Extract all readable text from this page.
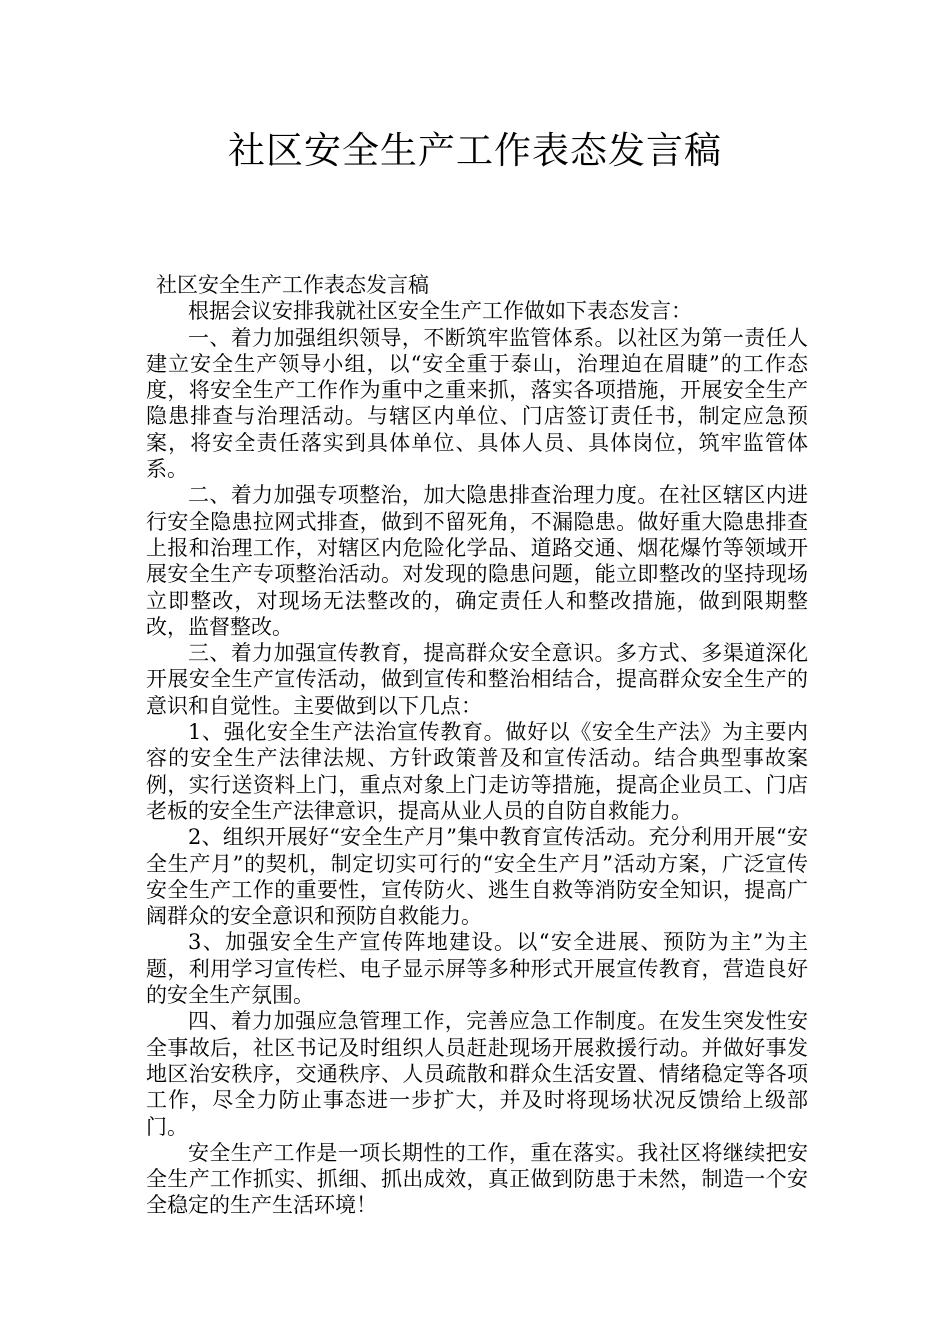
社区安全生产工作表态发言稿

社区安全生产工作表态发言稿

根据会议安排我就社区安全生产工作做如下表态发言：

一、着力加强组织领导，不断筑牢监管体系。以社区为第一责任人建立安全生产领导小组，以“安全重于泰山，治理迫在眉睫”的工作态度，将安全生产工作作为重中之重来抓，落实各项措施，开展安全生产隐患排查与治理活动。与辖区内单位、门店签订责任书，制定应急预案，将安全责任落实到具体单位、具体人员、具体岗位，筑牢监管体系。

二、着力加强专项整治，加大隐患排查治理力度。在社区辖区内进行安全隐患拉网式排查，做到不留死角，不漏隐患。做好重大隐患排查上报和治理工作，对辖区内危险化学品、道路交通、烟花爆竹等领域开展安全生产专项整治活动。对发现的隐患问题，能立即整改的坚持现场立即整改，对现场无法整改的，确定责任人和整改措施，做到限期整改，监督整改。

三、着力加强宣传教育，提高群众安全意识。多方式、多渠道深化开展安全生产宣传活动，做到宣传和整治相结合，提高群众安全生产的意识和自觉性。主要做到以下几点：

1、强化安全生产法治宣传教育。做好以《安全生产法》为主要内容的安全生产法律法规、方针政策普及和宣传活动。结合典型事故案例，实行送资料上门，重点对象上门走访等措施，提高企业员工、门店老板的安全生产法律意识，提高从业人员的自防自救能力。

2、组织开展好“安全生产月”集中教育宣传活动。充分利用开展“安全生产月”的契机，制定切实可行的“安全生产月”活动方案，广泛宣传安全生产工作的重要性，宣传防火、逃生自救等消防安全知识，提高广阔群众的安全意识和预防自救能力。

3、加强安全生产宣传阵地建设。以“安全进展、预防为主”为主题，利用学习宣传栏、电子显示屏等多种形式开展宣传教育，营造良好的安全生产氛围。

四、着力加强应急管理工作，完善应急工作制度。在发生突发性安全事故后，社区书记及时组织人员赶赴现场开展救援行动。并做好事发地区治安秩序，交通秩序、人员疏散和群众生活安置、情绪稳定等各项工作，尽全力防止事态进一步扩大，并及时将现场状况反馈给上级部门。

安全生产工作是一项长期性的工作，重在落实。我社区将继续把安全生产工作抓实、抓细、抓出成效，真正做到防患于未然，制造一个安全稳定的生产生活环境！
